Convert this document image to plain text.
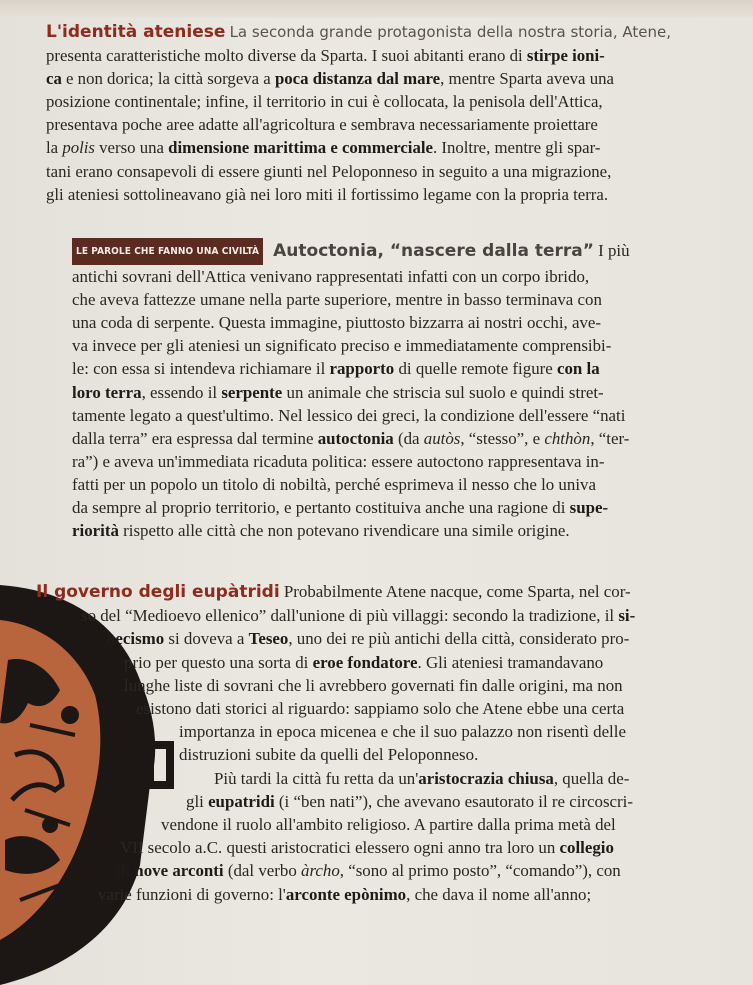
L'identità ateniese La seconda grande protagonista della nostra storia, Atene,
presenta caratteristiche molto diverse da Sparta. I suoi abitanti erano di stirpe ioni-
ca e non dorica; la città sorgeva a poca distanza dal mare, mentre Sparta aveva una
posizione continentale; infine, il territorio in cui è collocata, la penisola dell'Attica,
presentava poche aree adatte all'agricoltura e sembrava necessariamente proiettare
la polis verso una dimensione marittima e commerciale. Inoltre, mentre gli spar-
tani erano consapevoli di essere giunti nel Peloponneso in seguito a una migrazione,
gli ateniesi sottolineavano già nei loro miti il fortissimo legame con la propria terra.
LE PAROLE CHE FANNO UNA CIVILTÀ Autoctonia, “nascere dalla terra” I più
antichi sovrani dell'Attica venivano rappresentati infatti con un corpo ibrido,
che aveva fattezze umane nella parte superiore, mentre in basso terminava con
una coda di serpente. Questa immagine, piuttosto bizzarra ai nostri occhi, ave-
va invece per gli ateniesi un significato preciso e immediatamente comprensibi-
le: con essa si intendeva richiamare il rapporto di quelle remote figure con la
loro terra, essendo il serpente un animale che striscia sul suolo e quindi stret-
tamente legato a quest'ultimo. Nel lessico dei greci, la condizione dell'essere “nati
dalla terra” era espressa dal termine autoctonia (da autòs, “stesso”, e chthòn, “ter-
ra”) e aveva un'immediata ricaduta politica: essere autoctono rappresentava in-
fatti per un popolo un titolo di nobiltà, perché esprimeva il nesso che lo univa
da sempre al proprio territorio, e pertanto costituiva anche una ragione di supe-
riorità rispetto alle città che non potevano rivendicare una simile origine.
Il governo degli eupàtridi Probabilmente Atene nacque, come Sparta, nel cor-
so del “Medioevo ellenico” dall'unione di più villaggi: secondo la tradizione, il si-
necismo si doveva a Teseo, uno dei re più antichi della città, considerato pro-
prio per questo una sorta di eroe fondatore. Gli ateniesi tramandavano
lunghe liste di sovrani che li avrebbero governati fin dalle origini, ma non
esistono dati storici al riguardo: sappiamo solo che Atene ebbe una certa
importanza in epoca micenea e che il suo palazzo non risentì delle
distruzioni subite da quelli del Peloponneso.
Più tardi la città fu retta da un'aristocrazia chiusa, quella de-
gli eupatridi (i “ben nati”), che avevano esautorato il re circoscri-
vendone il ruolo all'ambito religioso. A partire dalla prima metà del
VII secolo a.C. questi aristocratici elessero ogni anno tra loro un collegio
di nove arconti (dal verbo àrcho, “sono al primo posto”, “comando”), con
varie funzioni di governo: l'arconte epònimo, che dava il nome all'anno;
